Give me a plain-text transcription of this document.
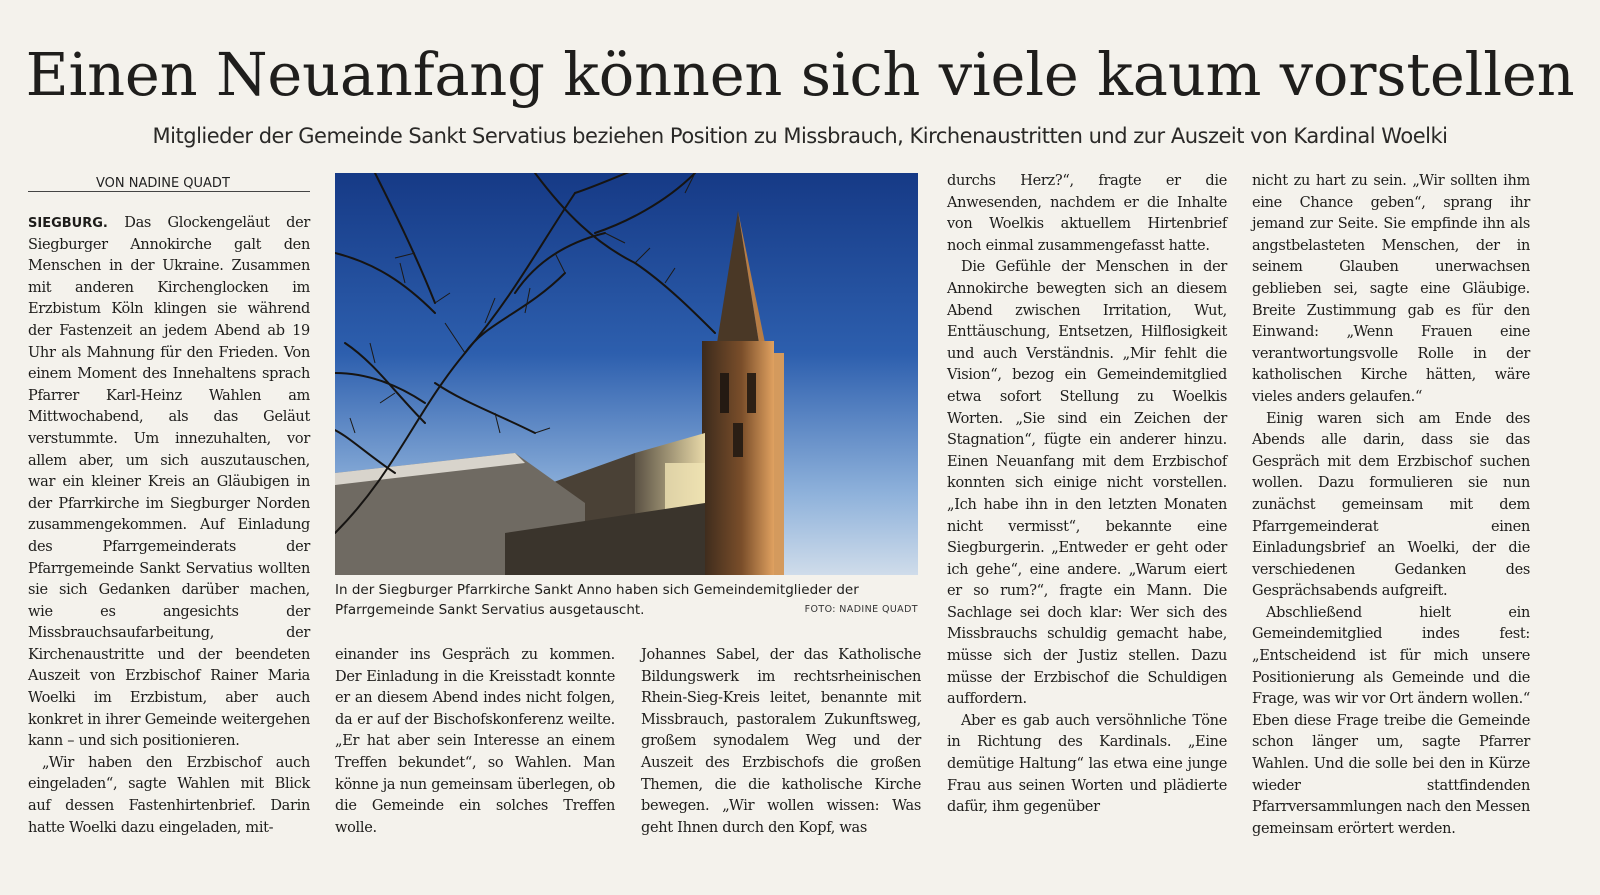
Einen Neuanfang können sich viele kaum vorstellen
Mitglieder der Gemeinde Sankt Servatius beziehen Position zu Missbrauch, Kirchenaustritten und zur Auszeit von Kardinal Woelki
VON NADINE QUADT

SIEGBURG. Das Glockengeläut der Siegburger Annokirche galt den Menschen in der Ukraine. Zusammen mit anderen Kirchenglocken im Erzbistum Köln klingen sie während der Fastenzeit an jedem Abend ab 19 Uhr als Mahnung für den Frieden. Von einem Moment des Innehaltens sprach Pfarrer Karl-Heinz Wahlen am Mittwochabend, als das Geläut verstummte. Um innezuhalten, vor allem aber, um sich auszutauschen, war ein kleiner Kreis an Gläubigen in der Pfarrkirche im Siegburger Norden zusammengekommen. Auf Einladung des Pfarrgemeinderats der Pfarrgemeinde Sankt Servatius wollten sie sich Gedanken darüber machen, wie es angesichts der Missbrauchsaufarbeitung, der Kirchenaustritte und der beendeten Auszeit von Erzbischof Rainer Maria Woelki im Erzbistum, aber auch konkret in ihrer Gemeinde weitergehen kann – und sich positionieren.

„Wir haben den Erzbischof auch eingeladen“, sagte Wahlen mit Blick auf dessen Fastenhirtenbrief. Darin hatte Woelki dazu eingeladen, mit-

In der Siegburger Pfarrkirche Sankt Anno haben sich Gemeindemitglieder der Pfarrgemeinde Sankt Servatius ausgetauscht.	FOTO: NADINE QUADT

einander ins Gespräch zu kommen. Der Einladung in die Kreisstadt konnte er an diesem Abend indes nicht folgen, da er auf der Bischofskonferenz weilte. „Er hat aber sein Interesse an einem Treffen bekundet“, so Wahlen. Man könne ja nun gemeinsam überlegen, ob die Gemeinde ein solches Treffen wolle.

Johannes Sabel, der das Katholische Bildungswerk im rechtsrheinischen Rhein-Sieg-Kreis leitet, benannte mit Missbrauch, pastoralem Zukunftsweg, großem synodalem Weg und der Auszeit des Erzbischofs die großen Themen, die die katholische Kirche bewegen. „Wir wollen wissen: Was geht Ihnen durch den Kopf, was

durchs Herz?“, fragte er die Anwesenden, nachdem er die Inhalte von Woelkis aktuellem Hirtenbrief noch einmal zusammengefasst hatte.

Die Gefühle der Menschen in der Annokirche bewegten sich an diesem Abend zwischen Irritation, Wut, Enttäuschung, Entsetzen, Hilflosigkeit und auch Verständnis. „Mir fehlt die Vision“, bezog ein Gemeindemitglied etwa sofort Stellung zu Woelkis Worten. „Sie sind ein Zeichen der Stagnation“, fügte ein anderer hinzu. Einen Neuanfang mit dem Erzbischof konnten sich einige nicht vorstellen. „Ich habe ihn in den letzten Monaten nicht vermisst“, bekannte eine Siegburgerin. „Entweder er geht oder ich gehe“, eine andere. „Warum eiert er so rum?“, fragte ein Mann. Die Sachlage sei doch klar: Wer sich des Missbrauchs schuldig gemacht habe, müsse sich der Justiz stellen. Dazu müsse der Erzbischof die Schuldigen auffordern.

Aber es gab auch versöhnliche Töne in Richtung des Kardinals. „Eine demütige Haltung“ las etwa eine junge Frau aus seinen Worten und plädierte dafür, ihm gegenüber

nicht zu hart zu sein. „Wir sollten ihm eine Chance geben“, sprang ihr jemand zur Seite. Sie empfinde ihn als angstbelasteten Menschen, der in seinem Glauben unerwachsen geblieben sei, sagte eine Gläubige. Breite Zustimmung gab es für den Einwand: „Wenn Frauen eine verantwortungsvolle Rolle in der katholischen Kirche hätten, wäre vieles anders gelaufen.“

Einig waren sich am Ende des Abends alle darin, dass sie das Gespräch mit dem Erzbischof suchen wollen. Dazu formulieren sie nun zunächst gemeinsam mit dem Pfarrgemeinderat einen Einladungsbrief an Woelki, der die verschiedenen Gedanken des Gesprächsabends aufgreift.

Abschließend hielt ein Gemeindemitglied indes fest: „Entscheidend ist für mich unsere Positionierung als Gemeinde und die Frage, was wir vor Ort ändern wollen.“ Eben diese Frage treibe die Gemeinde schon länger um, sagte Pfarrer Wahlen. Und die solle bei den in Kürze wieder stattfindenden Pfarrversammlungen nach den Messen gemeinsam erörtert werden.
